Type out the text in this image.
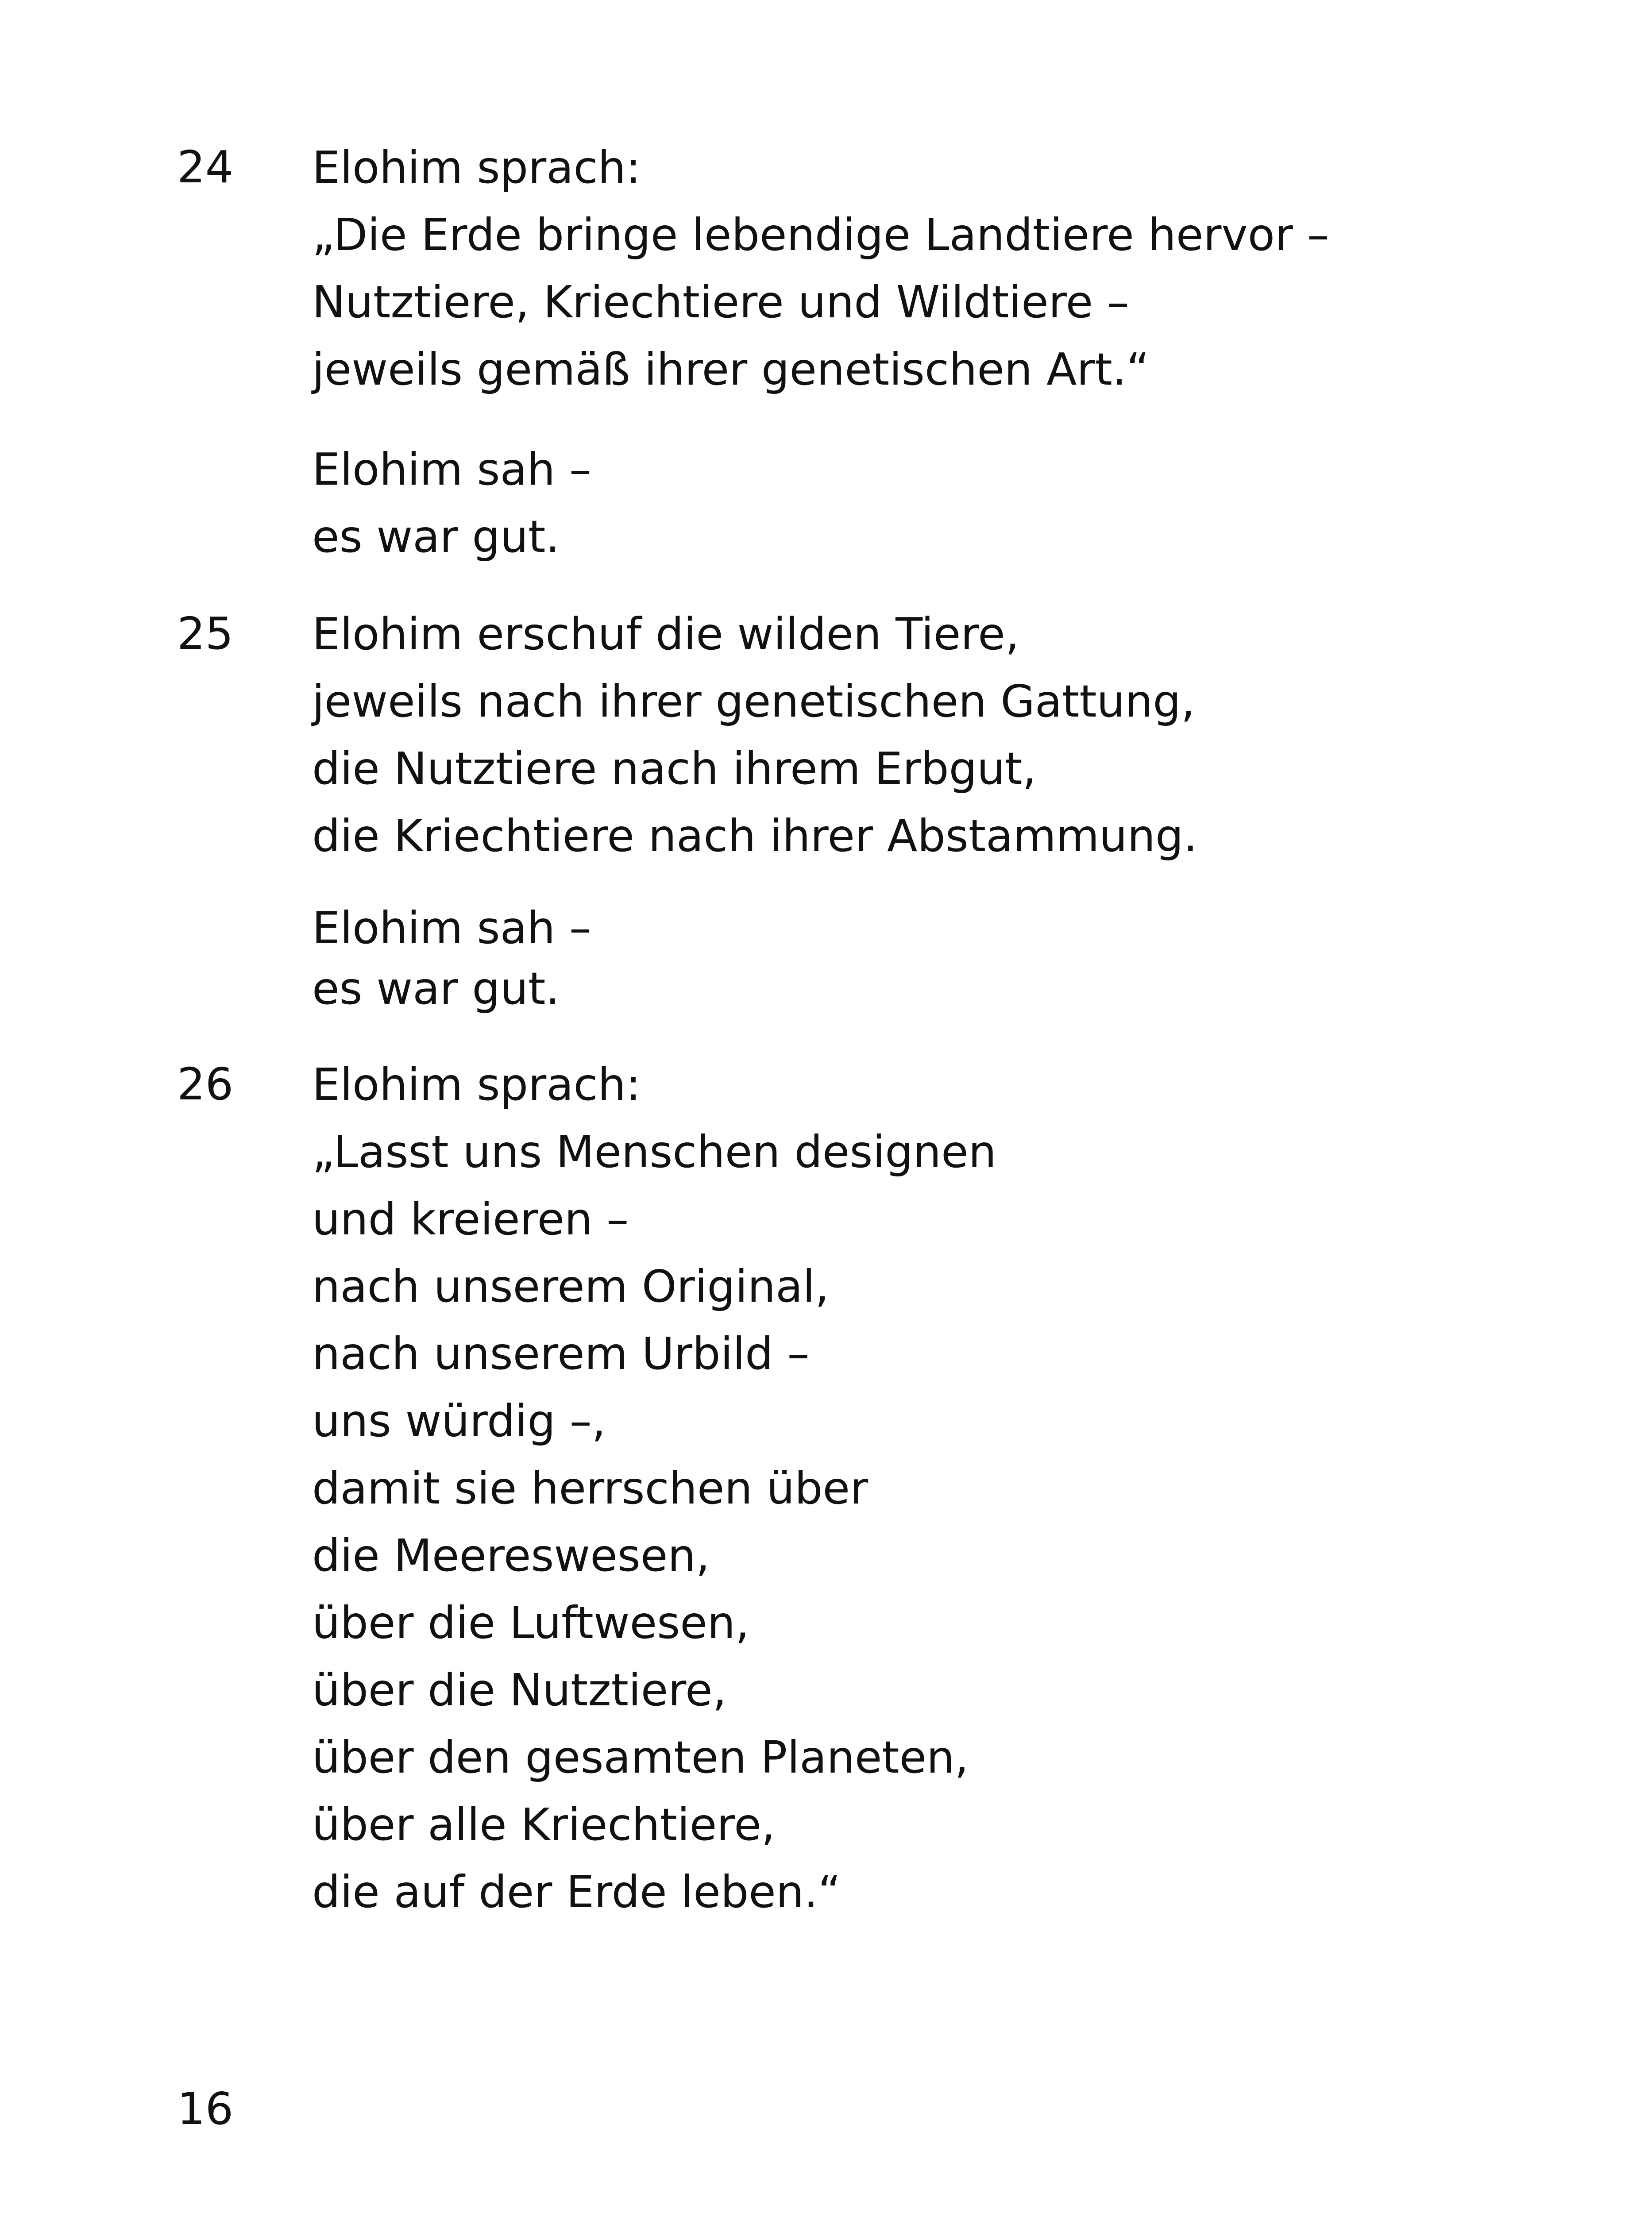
24 Elohim sprach:
„Die Erde bringe lebendige Landtiere hervor –
Nutztiere, Kriechtiere und Wildtiere –
jeweils gemäß ihrer genetischen Art.“
Elohim sah –
es war gut.
25 Elohim erschuf die wilden Tiere,
jeweils nach ihrer genetischen Gattung,
die Nutztiere nach ihrem Erbgut,
die Kriechtiere nach ihrer Abstammung.
Elohim sah –
es war gut.
26 Elohim sprach:
„Lasst uns Menschen designen
und kreieren –
nach unserem Original,
nach unserem Urbild –
uns würdig –,
damit sie herrschen über
die Meereswesen,
über die Luftwesen,
über die Nutztiere,
über den gesamten Planeten,
über alle Kriechtiere,
die auf der Erde leben.“
16
